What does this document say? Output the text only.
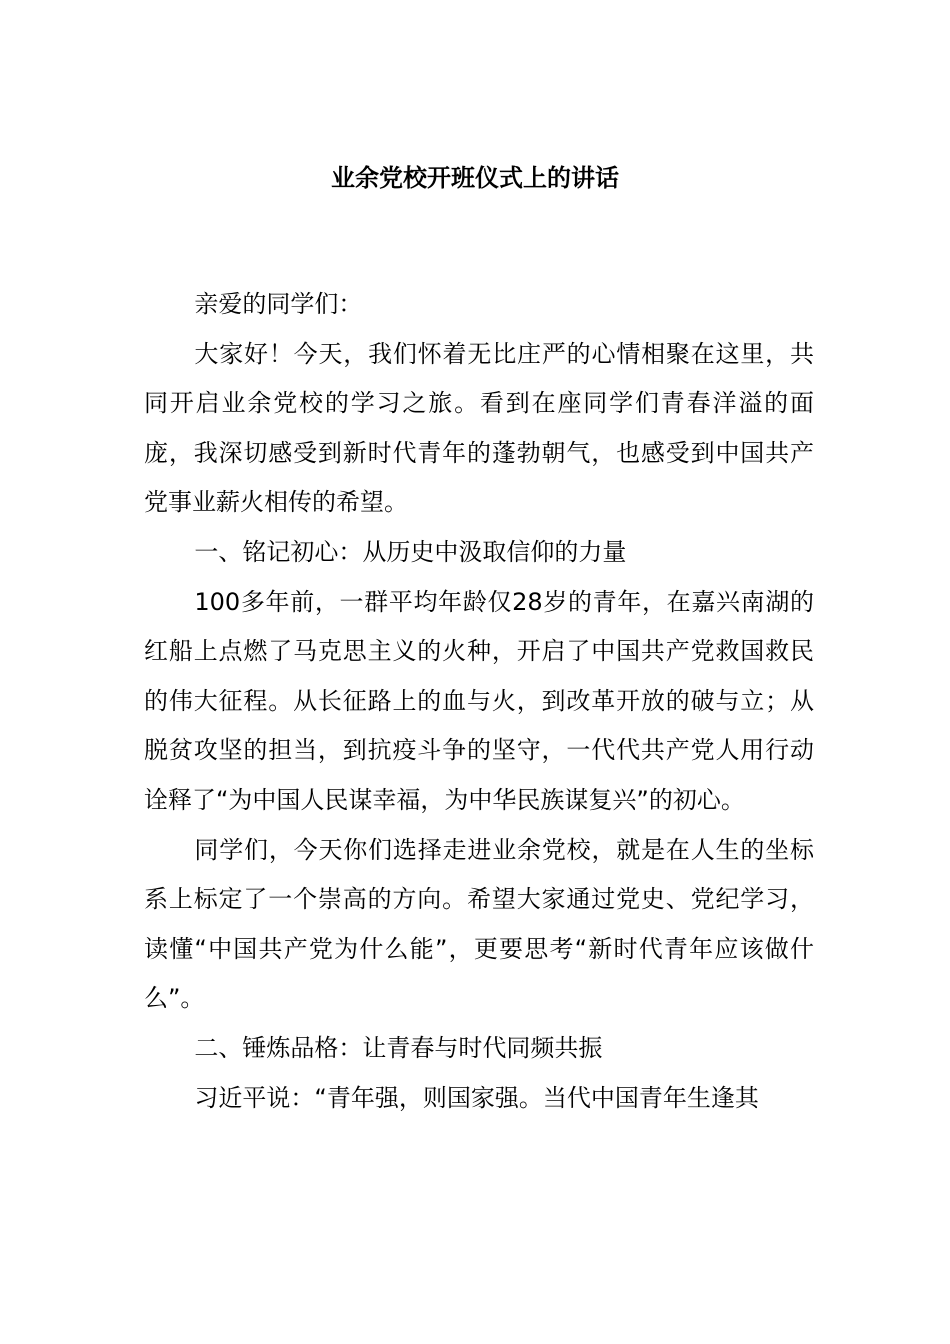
业余党校开班仪式上的讲话

亲爱的同学们：

大家好！今天，我们怀着无比庄严的心情相聚在这里，共同开启业余党校的学习之旅。看到在座同学们青春洋溢的面庞，我深切感受到新时代青年的蓬勃朝气，也感受到中国共产党事业薪火相传的希望。

一、铭记初心：从历史中汲取信仰的力量

100多年前，一群平均年龄仅28岁的青年，在嘉兴南湖的红船上点燃了马克思主义的火种，开启了中国共产党救国救民的伟大征程。从长征路上的血与火，到改革开放的破与立；从脱贫攻坚的担当，到抗疫斗争的坚守，一代代共产党人用行动诠释了“为中国人民谋幸福，为中华民族谋复兴”的初心。

同学们，今天你们选择走进业余党校，就是在人生的坐标系上标定了一个崇高的方向。希望大家通过党史、党纪学习，读懂“中国共产党为什么能”，更要思考“新时代青年应该做什么”。

二、锤炼品格：让青春与时代同频共振

习近平说：“青年强，则国家强。当代中国青年生逢其
